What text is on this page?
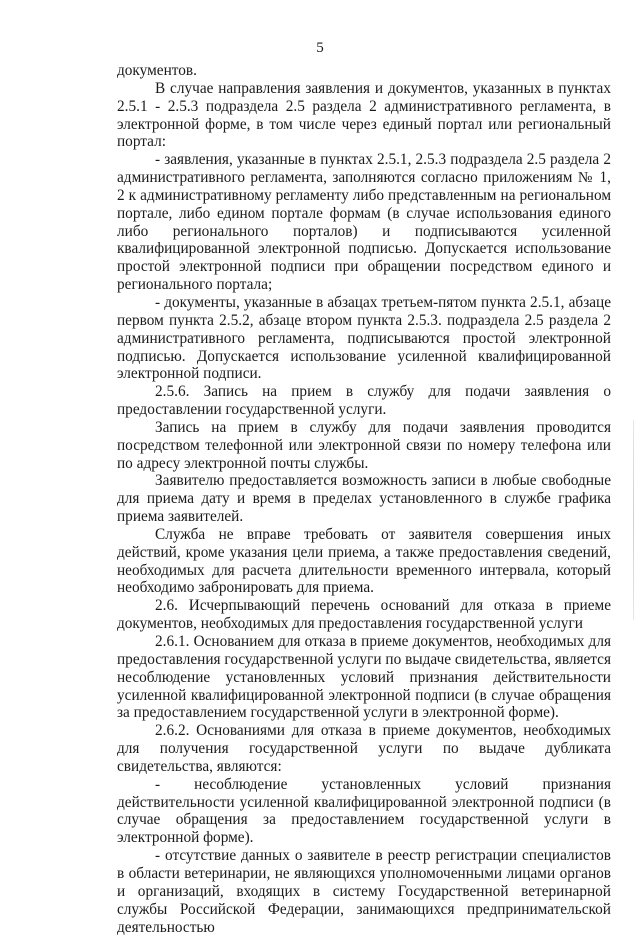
5

документов.

В случае направления заявления и документов, указанных в пунктах 2.5.1 - 2.5.3 подраздела 2.5 раздела 2 административного регламента, в электронной форме, в том числе через единый портал или региональный портал:

- заявления, указанные в пунктах 2.5.1, 2.5.3 подраздела 2.5 раздела 2 административного регламента, заполняются согласно приложениям № 1, 2 к административному регламенту либо представленным на региональном портале, либо едином портале формам (в случае использования единого либо регионального порталов) и подписываются усиленной квалифицированной электронной подписью. Допускается использование простой электронной подписи при обращении посредством единого и регионального портала;

- документы, указанные в абзацах третьем-пятом пункта 2.5.1, абзаце первом пункта 2.5.2, абзаце втором пункта 2.5.3. подраздела 2.5 раздела 2 административного регламента, подписываются простой электронной подписью. Допускается использование усиленной квалифицированной электронной подписи.

2.5.6. Запись на прием в службу для подачи заявления о предоставлении государственной услуги.

Запись на прием в службу для подачи заявления проводится посредством телефонной или электронной связи по номеру телефона или по адресу электронной почты службы.

Заявителю предоставляется возможность записи в любые свободные для приема дату и время в пределах установленного в службе графика приема заявителей.

Служба не вправе требовать от заявителя совершения иных действий, кроме указания цели приема, а также предоставления сведений, необходимых для расчета длительности временного интервала, который необходимо забронировать для приема.

2.6. Исчерпывающий перечень оснований для отказа в приеме документов, необходимых для предоставления государственной услуги

2.6.1. Основанием для отказа в приеме документов, необходимых для предоставления государственной услуги по выдаче свидетельства, является несоблюдение установленных условий признания действительности усиленной квалифицированной электронной подписи (в случае обращения за предоставлением государственной услуги в электронной форме).

2.6.2. Основаниями для отказа в приеме документов, необходимых для получения государственной услуги по выдаче дубликата свидетельства, являются:

- несоблюдение установленных условий признания действительности усиленной квалифицированной электронной подписи (в случае обращения за предоставлением государственной услуги в электронной форме).

- отсутствие данных о заявителе в реестр регистрации специалистов в области ветеринарии, не являющихся уполномоченными лицами органов и организаций, входящих в систему Государственной ветеринарной службы Российской Федерации, занимающихся предпринимательской деятельностью
